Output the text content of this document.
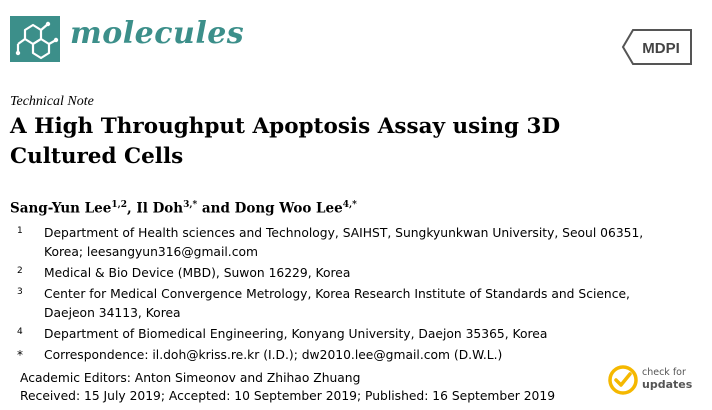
molecules	MDPI
Technical Note
A High Throughput Apoptosis Assay using 3D Cultured Cells
Sang-Yun Lee$^{1,2}$, Il Doh$^{3,*}$ and Dong Woo Lee$^{4,*}$
1 Department of Health sciences and Technology, SAIHST, Sungkyunkwan University, Seoul 06351, Korea; leesangyun316@gmail.com
2 Medical & Bio Device (MBD), Suwon 16229, Korea
3 Center for Medical Convergence Metrology, Korea Research Institute of Standards and Science, Daejeon 34113, Korea
4 Department of Biomedical Engineering, Konyang University, Daejon 35365, Korea
* Correspondence: il.doh@kriss.re.kr (I.D.); dw2010.lee@gmail.com (D.W.L.)
Academic Editors: Anton Simeonov and Zhihao Zhuang
Received: 15 July 2019; Accepted: 10 September 2019; Published: 16 September 2019
check for
updates
